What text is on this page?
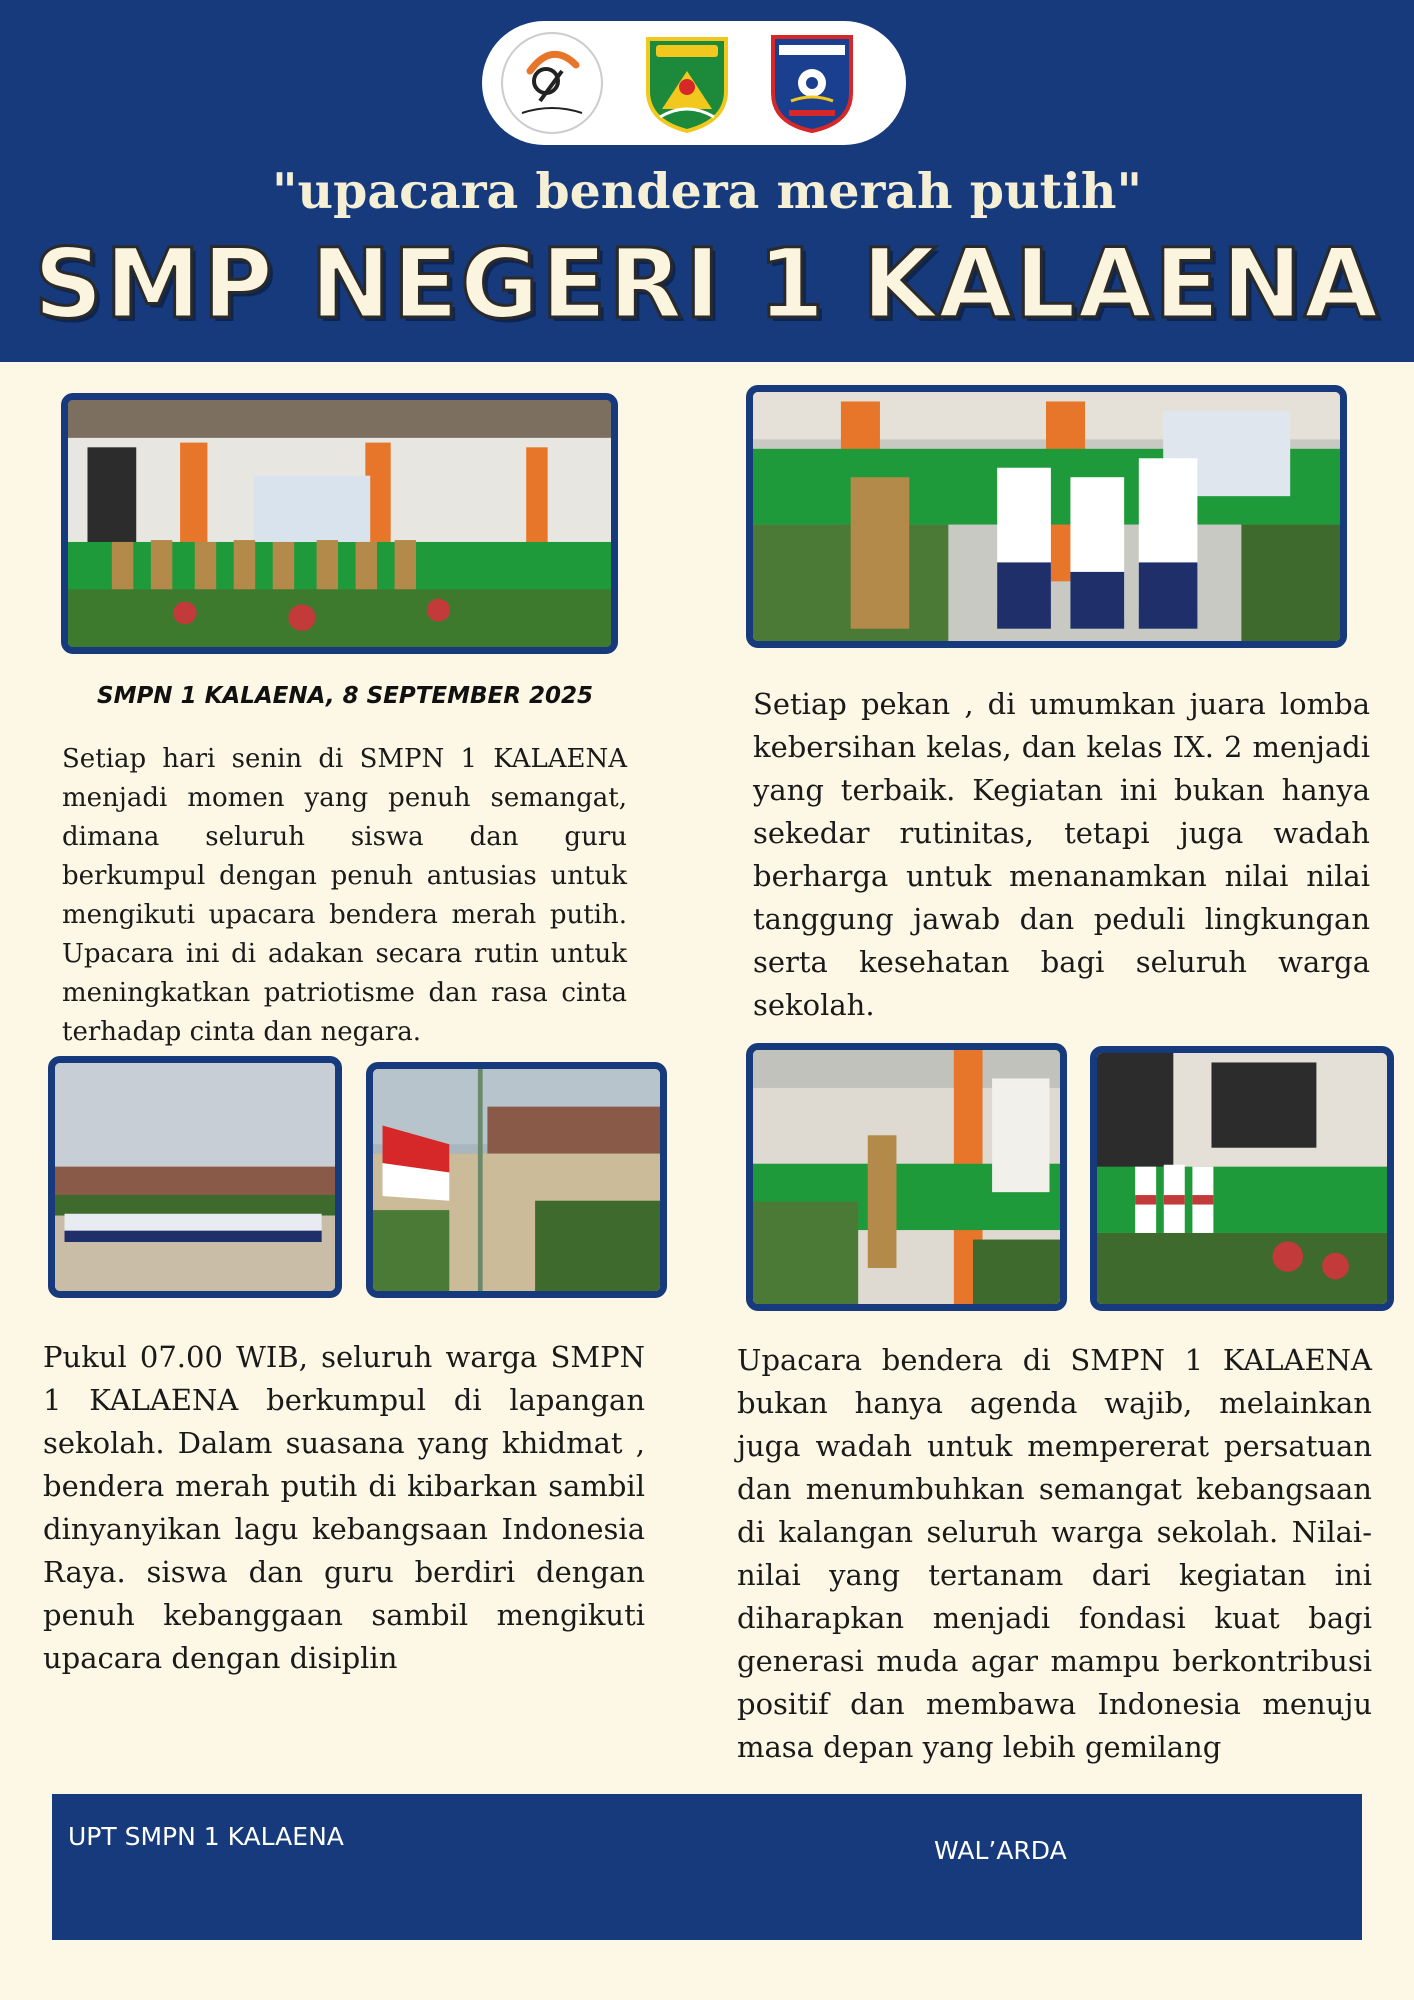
"upacara bendera merah putih"
SMP NEGERI 1 KALAENA
SMPN 1 KALAENA, 8 SEPTEMBER 2025
Setiap hari senin di SMPN 1 KALAENA menjadi momen yang penuh semangat, dimana seluruh siswa dan guru berkumpul dengan penuh antusias untuk mengikuti upacara bendera merah putih. Upacara ini di adakan secara rutin untuk meningkatkan patriotisme dan rasa cinta terhadap cinta dan negara.
Setiap pekan , di umumkan juara lomba kebersihan kelas, dan kelas IX. 2 menjadi yang terbaik. Kegiatan ini bukan hanya sekedar rutinitas, tetapi juga wadah berharga untuk menanamkan nilai nilai tanggung jawab dan peduli lingkungan serta kesehatan bagi seluruh warga sekolah.
Pukul 07.00 WIB, seluruh warga SMPN 1 KALAENA berkumpul di lapangan sekolah. Dalam suasana yang khidmat , bendera merah putih di kibarkan sambil dinyanyikan lagu kebangsaan Indonesia Raya. siswa dan guru berdiri dengan penuh kebanggaan sambil mengikuti upacara dengan disiplin
Upacara bendera di SMPN 1 KALAENA bukan hanya agenda wajib, melainkan juga wadah untuk mempererat persatuan dan menumbuhkan semangat kebangsaan di kalangan seluruh warga sekolah. Nilai-nilai yang tertanam dari kegiatan ini diharapkan menjadi fondasi kuat bagi generasi muda agar mampu berkontribusi positif dan membawa Indonesia menuju masa depan yang lebih gemilang
UPT SMPN 1 KALAENA	WAL’ARDA
